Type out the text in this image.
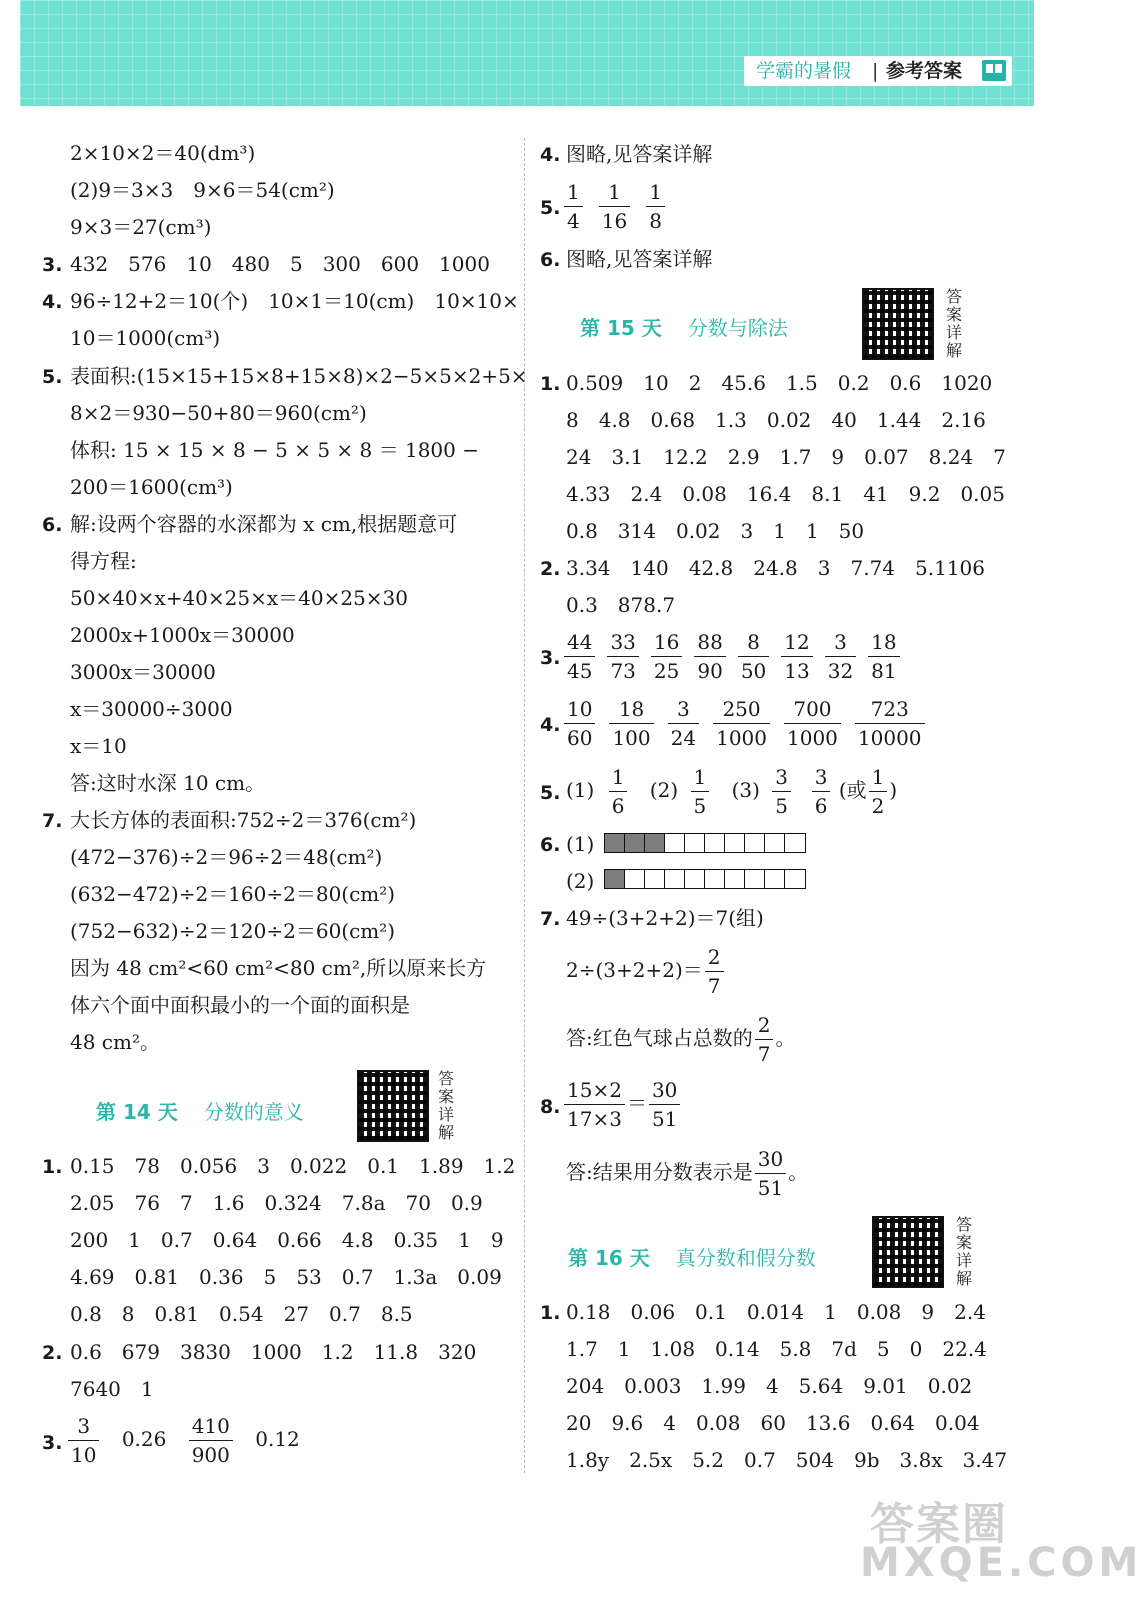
学霸的暑假 | 参考答案
2×10×2＝40(dm³)
(2)9＝3×3　9×6＝54(cm²)
9×3＝27(cm³)
3. 432　576　10　480　5　300　600　1000
4. 96÷12+2＝10(个)　10×1＝10(cm)　10×10×
10＝1000(cm³)
5. 表面积:(15×15+15×8+15×8)×2−5×5×2+5×
8×2＝930−50+80＝960(cm²)
体积: 15 × 15 × 8 − 5 × 5 × 8 ＝ 1800 −
200＝1600(cm³)
6. 解:设两个容器的水深都为 x cm,根据题意可
得方程:
50×40×x+40×25×x＝40×25×30
2000x+1000x＝30000
3000x＝30000
x＝30000÷3000
x＝10
答:这时水深 10 cm。
7. 大长方体的表面积:752÷2＝376(cm²)
(472−376)÷2＝96÷2＝48(cm²)
(632−472)÷2＝160÷2＝80(cm²)
(752−632)÷2＝120÷2＝60(cm²)
因为 48 cm²<60 cm²<80 cm²,所以原来长方
体六个面中面积最小的一个面的面积是
48 cm²。
第 14 天 分数的意义
答案详解
1. 0.15　78　0.056　3　0.022　0.1　1.89　1.2
2.05　76　7　1.6　0.324　7.8a　70　0.9
200　1　0.7　0.64　0.66　4.8　0.35　1　9
4.69　0.81　0.36　5　53　0.7　1.3a　0.09
0.8　8　0.81　0.54　27　0.7　8.5
2. 0.6　679　3830　1000　1.2　11.8　320
7640　1
3. $\frac{3}{10} 0.26 \frac{410}{900} 0.12$
4. 图略,见答案详解
5. $\frac{1}{4} \frac{1}{16} \frac{1}{8}$
6. 图略,见答案详解
第 15 天 分数与除法
答案详解
1. 0.509　10　2　45.6　1.5　0.2　0.6　1020
8　4.8　0.68　1.3　0.02　40　1.44　2.16
24　3.1　12.2　2.9　1.7　9　0.07　8.24　7
4.33　2.4　0.08　16.4　8.1　41　9.2　0.05
0.8　314　0.02　3　1　1　50
2. 3.34　140　42.8　24.8　3　7.74　5.1106
0.3　878.7
3. $\frac{44}{45} \frac{33}{73} \frac{16}{25} \frac{88}{90} \frac{8}{50} \frac{12}{13} \frac{3}{32} \frac{18}{81}$
4. $\frac{10}{60} \frac{18}{100} \frac{3}{24} \frac{250}{1000} \frac{700}{1000} \frac{723}{10000}$
5. $(1) \frac{1}{6} (2) \frac{1}{5} (3) \frac{3}{5}$
$\frac{3}{6}$ (或 $\frac{1}{2}$ )
6. (1)
(2)
7. 49÷(3+2+2)＝7(组)
$2\div(3+2+2)= \frac{2}{7}$
答:红色气球占总数的 $\frac{2}{7}$ 。
8. $\frac{15\times 2}{17\times 3} = \frac{30}{51}$
答:结果用分数表示是 $\frac{30}{51}$ 。
第 16 天 真分数和假分数
答案详解
1. 0.18　0.06　0.1　0.014　1　0.08　9　2.4
1.7　1　1.08　0.14　5.8　7d　5　0　22.4
204　0.003　1.99　4　5.64　9.01　0.02
20　9.6　4　0.08　60　13.6　0.64　0.04
1.8y　2.5x　5.2　0.7　504　9b　3.8x　3.47
答案圈
MXQE.COM
